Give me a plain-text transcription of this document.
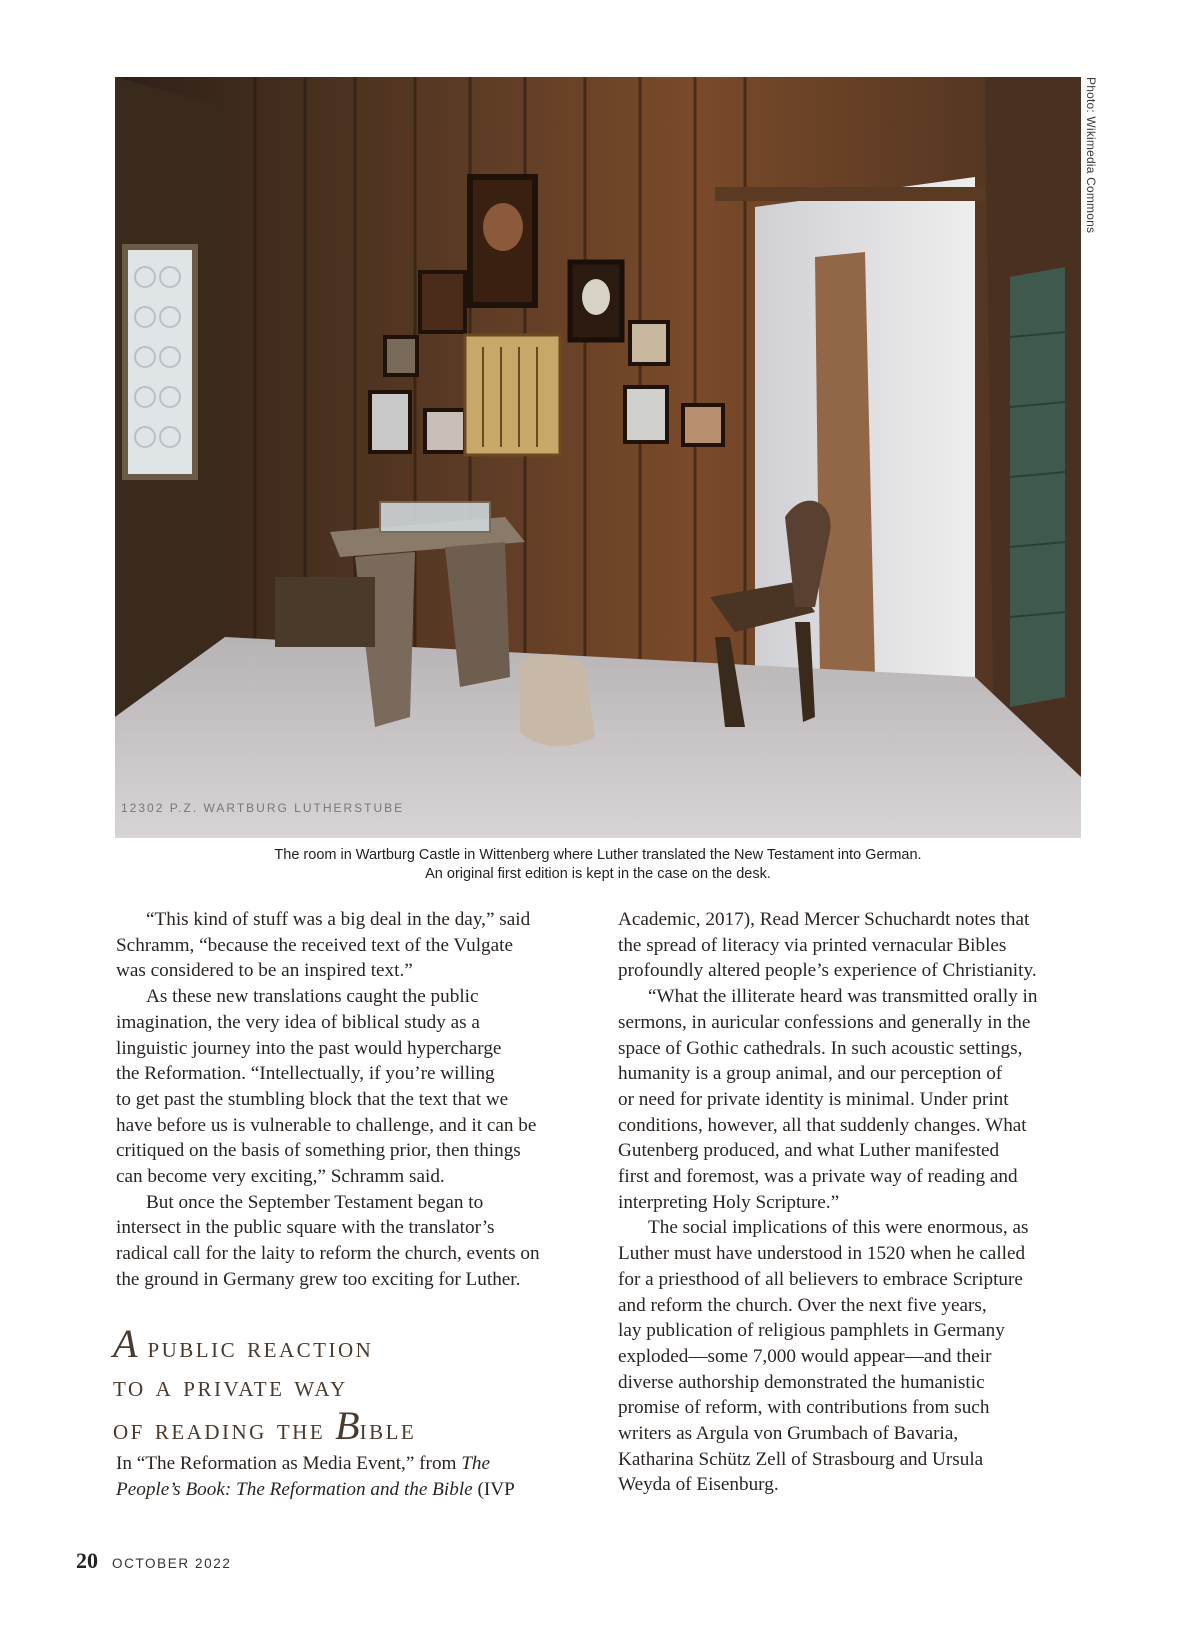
12302 P.Z. WARTBURG LUTHERSTUBE
Photo: Wikimedia Commons
The room in Wartburg Castle in Wittenberg where Luther translated the New Testament into German.
An original first edition is kept in the case on the desk.
“This kind of stuff was a big deal in the day,” said
Schramm, “because the received text of the Vulgate
was considered to be an inspired text.”
As these new translations caught the public
imagination, the very idea of biblical study as a
linguistic journey into the past would hypercharge
the Reformation. “Intellectually, if you’re willing
to get past the stumbling block that the text that we
have before us is vulnerable to challenge, and it can be
critiqued on the basis of something prior, then things
can become very exciting,” Schramm said.
But once the September Testament began to
intersect in the public square with the translator’s
radical call for the laity to reform the church, events on
the ground in Germany grew too exciting for Luther.
A public reaction
to a private way
of reading the Bible
In “The Reformation as Media Event,” from The
People’s Book: The Reformation and the Bible (IVP
Academic, 2017), Read Mercer Schuchardt notes that
the spread of literacy via printed vernacular Bibles
profoundly altered people’s experience of Christianity.
“What the illiterate heard was transmitted orally in
sermons, in auricular confessions and generally in the
space of Gothic cathedrals. In such acoustic settings,
humanity is a group animal, and our perception of
or need for private identity is minimal. Under print
conditions, however, all that suddenly changes. What
Gutenberg produced, and what Luther manifested
first and foremost, was a private way of reading and
interpreting Holy Scripture.”
The social implications of this were enormous, as
Luther must have understood in 1520 when he called
for a priesthood of all believers to embrace Scripture
and reform the church. Over the next five years,
lay publication of religious pamphlets in Germany
exploded—some 7,000 would appear—and their
diverse authorship demonstrated the humanistic
promise of reform, with contributions from such
writers as Argula von Grumbach of Bavaria,
Katharina Schütz Zell of Strasbourg and Ursula
Weyda of Eisenburg.
20 OCTOBER 2022
